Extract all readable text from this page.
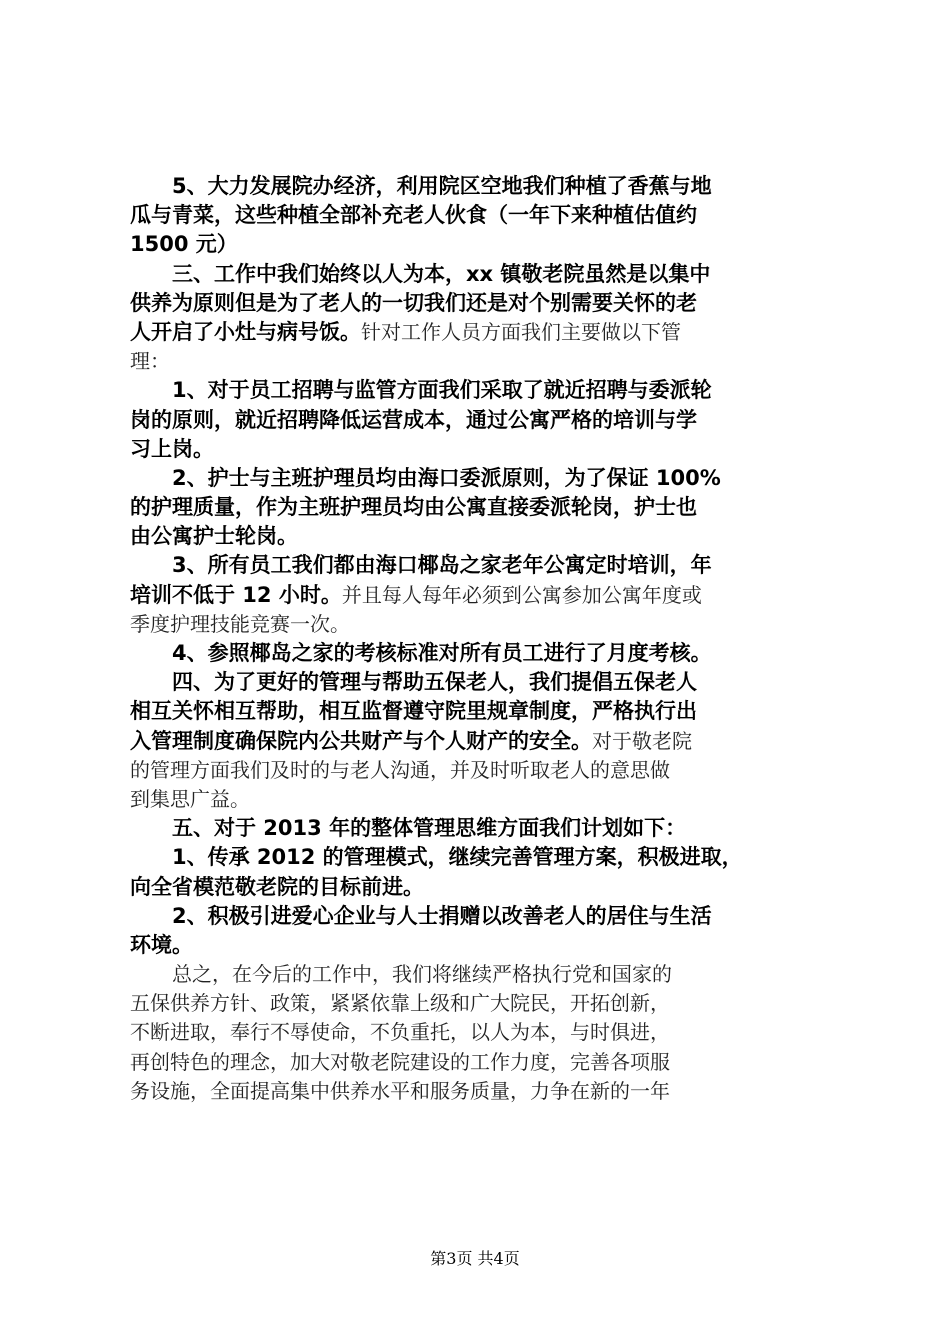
5、大力发展院办经济，利用院区空地我们种植了香蕉与地
瓜与青菜，这些种植全部补充老人伙食（一年下来种植估值约
1500 元）
三、工作中我们始终以人为本，xx 镇敬老院虽然是以集中
供养为原则但是为了老人的一切我们还是对个别需要关怀的老
人开启了小灶与病号饭。针对工作人员方面我们主要做以下管
理：
1、对于员工招聘与监管方面我们采取了就近招聘与委派轮
岗的原则，就近招聘降低运营成本，通过公寓严格的培训与学
习上岗。
2、护士与主班护理员均由海口委派原则，为了保证 100%
的护理质量，作为主班护理员均由公寓直接委派轮岗，护士也
由公寓护士轮岗。
3、所有员工我们都由海口椰岛之家老年公寓定时培训，年
培训不低于 12 小时。并且每人每年必须到公寓参加公寓年度或
季度护理技能竞赛一次。
4、参照椰岛之家的考核标准对所有员工进行了月度考核。
四、为了更好的管理与帮助五保老人，我们提倡五保老人
相互关怀相互帮助，相互监督遵守院里规章制度，严格执行出
入管理制度确保院内公共财产与个人财产的安全。对于敬老院
的管理方面我们及时的与老人沟通，并及时听取老人的意思做
到集思广益。
五、对于 2013 年的整体管理思维方面我们计划如下：
1、传承 2012 的管理模式，继续完善管理方案，积极进取，
向全省模范敬老院的目标前进。
2、积极引进爱心企业与人士捐赠以改善老人的居住与生活
环境。
总之，在今后的工作中，我们将继续严格执行党和国家的
五保供养方针、政策，紧紧依靠上级和广大院民，开拓创新，
不断进取，奉行不辱使命，不负重托，以人为本，与时俱进，
再创特色的理念，加大对敬老院建设的工作力度，完善各项服
务设施，全面提高集中供养水平和服务质量，力争在新的一年
第3页 共4页
